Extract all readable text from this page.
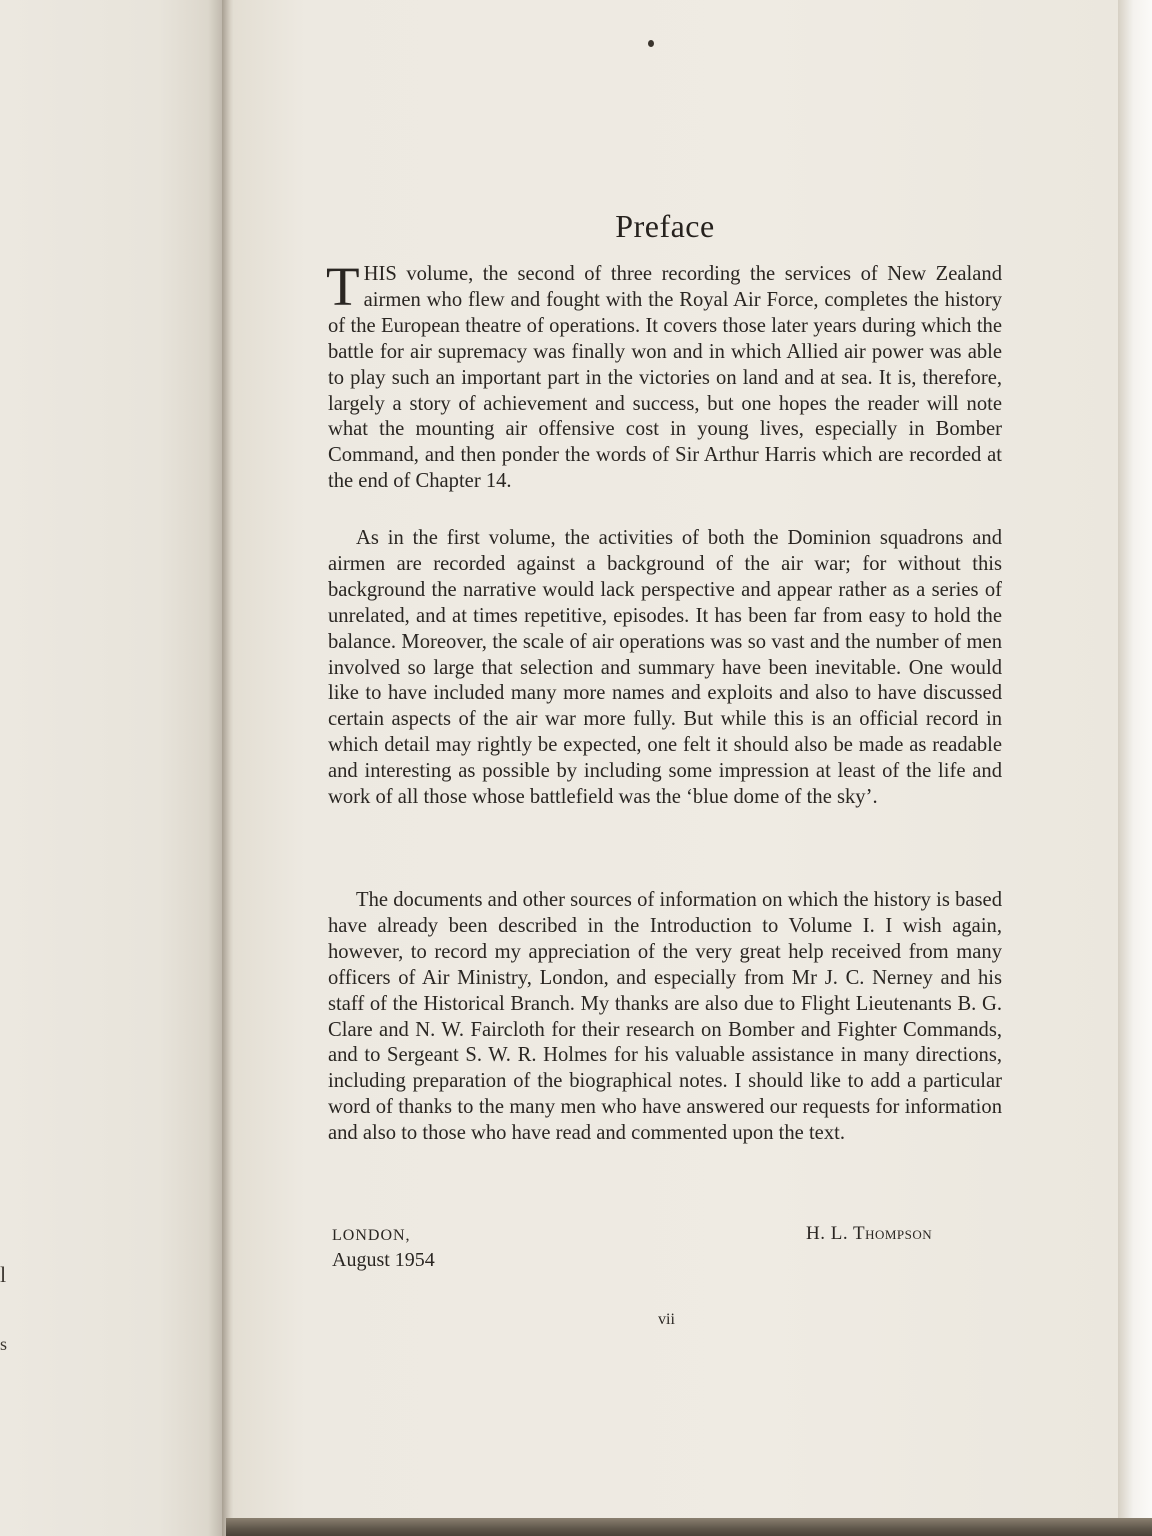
l
s
Preface

THIS volume, the second of three recording the services of New Zealand airmen who flew and fought with the Royal Air Force, completes the history of the European theatre of operations. It covers those later years during which the battle for air supremacy was finally won and in which Allied air power was able to play such an important part in the victories on land and at sea. It is, therefore, largely a story of achievement and success, but one hopes the reader will note what the mounting air offensive cost in young lives, especially in Bomber Command, and then ponder the words of Sir Arthur Harris which are recorded at the end of Chapter 14.

As in the first volume, the activities of both the Dominion squadrons and airmen are recorded against a background of the air war; for without this background the narrative would lack perspective and appear rather as a series of unrelated, and at times repetitive, episodes. It has been far from easy to hold the balance. Moreover, the scale of air operations was so vast and the number of men involved so large that selection and summary have been inevitable. One would like to have included many more names and exploits and also to have discussed certain aspects of the air war more fully. But while this is an official record in which detail may rightly be expected, one felt it should also be made as readable and interesting as possible by including some impression at least of the life and work of all those whose battlefield was the ‘blue dome of the sky’.

The documents and other sources of information on which the history is based have already been described in the Introduction to Volume I. I wish again, however, to record my appreciation of the very great help received from many officers of Air Ministry, London, and especially from Mr J. C. Nerney and his staff of the Historical Branch. My thanks are also due to Flight Lieutenants B. G. Clare and N. W. Faircloth for their research on Bomber and Fighter Commands, and to Sergeant S. W. R. Holmes for his valuable assistance in many directions, including preparation of the biographical notes. I should like to add a particular word of thanks to the many men who have answered our requests for information and also to those who have read and commented upon the text.

LONDON,
August 1954
H. L. Thompson
vii
